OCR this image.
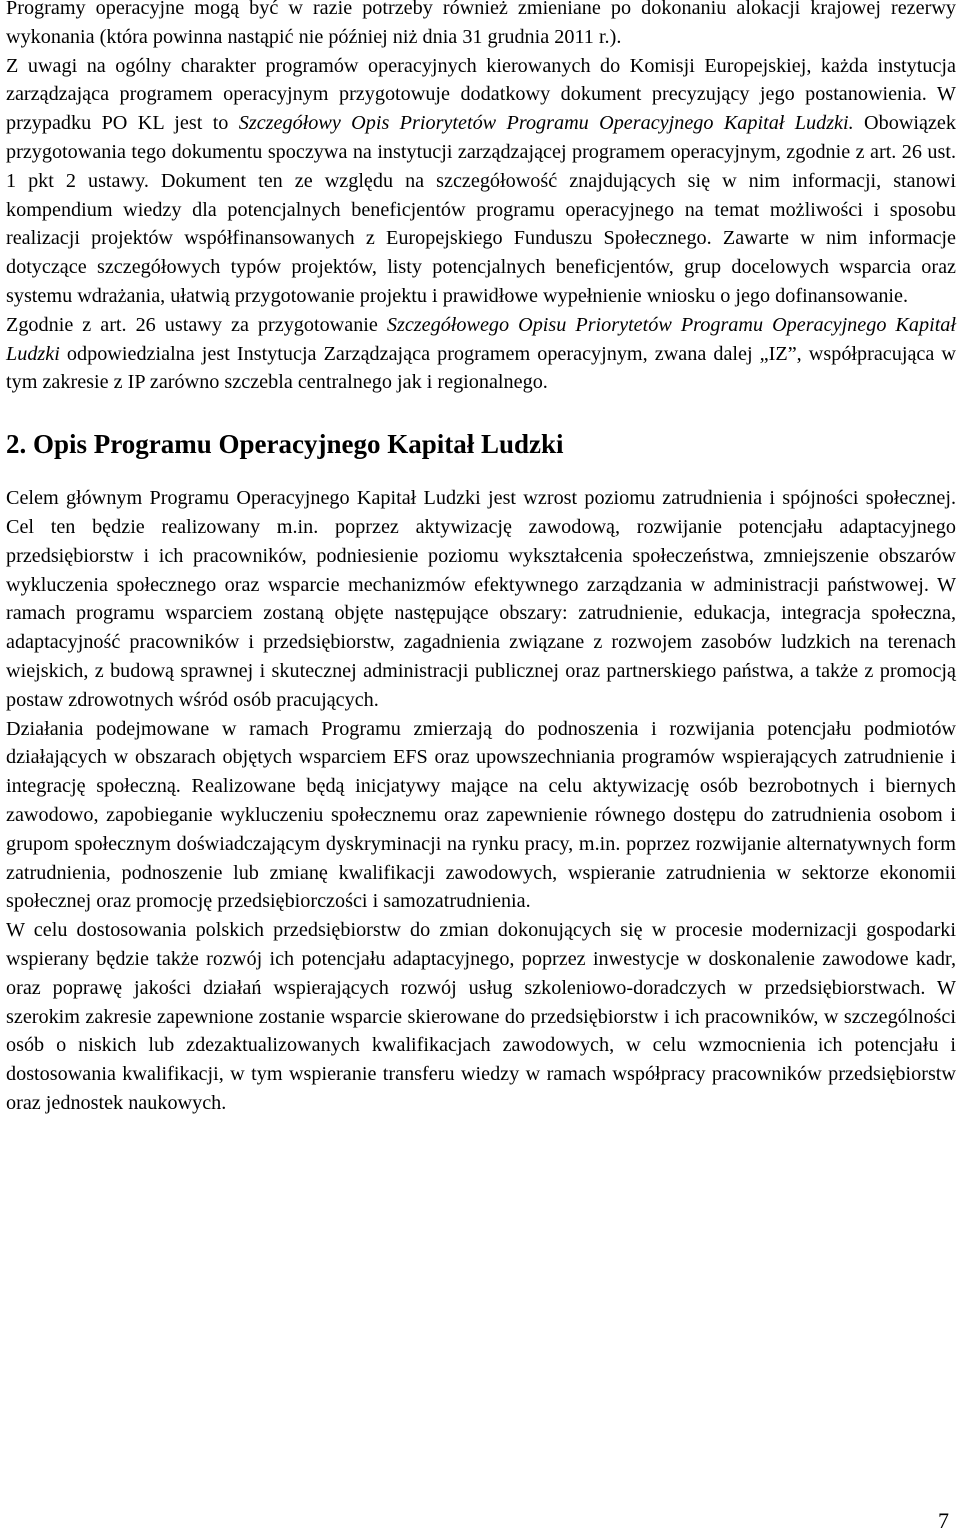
Programy operacyjne mogą być w razie potrzeby również zmieniane po dokonaniu alokacji krajowej rezerwy wykonania (która powinna nastąpić nie później niż dnia 31 grudnia 2011 r.).

Z uwagi na ogólny charakter programów operacyjnych kierowanych do Komisji Europejskiej, każda instytucja zarządzająca programem operacyjnym przygotowuje dodatkowy dokument precyzujący jego postanowienia. W przypadku PO KL jest to Szczegółowy Opis Priorytetów Programu Operacyjnego Kapitał Ludzki. Obowiązek przygotowania tego dokumentu spoczywa na instytucji zarządzającej programem operacyjnym, zgodnie z art. 26 ust. 1 pkt 2 ustawy. Dokument ten ze względu na szczegółowość znajdujących się w nim informacji, stanowi kompendium wiedzy dla potencjalnych beneficjentów programu operacyjnego na temat możliwości i sposobu realizacji projektów współfinansowanych z Europejskiego Funduszu Społecznego. Zawarte w nim informacje dotyczące szczegółowych typów projektów, listy potencjalnych beneficjentów, grup docelowych wsparcia oraz systemu wdrażania, ułatwią przygotowanie projektu i prawidłowe wypełnienie wniosku o jego dofinansowanie.

Zgodnie z art. 26 ustawy za przygotowanie Szczegółowego Opisu Priorytetów Programu Operacyjnego Kapitał Ludzki odpowiedzialna jest Instytucja Zarządzająca programem operacyjnym, zwana dalej „IZ”, współpracująca w tym zakresie z IP zarówno szczebla centralnego jak i regionalnego.

2. Opis Programu Operacyjnego Kapitał Ludzki

Celem głównym Programu Operacyjnego Kapitał Ludzki jest wzrost poziomu zatrudnienia i spójności społecznej. Cel ten będzie realizowany m.in. poprzez aktywizację zawodową, rozwijanie potencjału adaptacyjnego przedsiębiorstw i ich pracowników, podniesienie poziomu wykształcenia społeczeństwa, zmniejszenie obszarów wykluczenia społecznego oraz wsparcie mechanizmów efektywnego zarządzania w administracji państwowej. W ramach programu wsparciem zostaną objęte następujące obszary: zatrudnienie, edukacja, integracja społeczna, adaptacyjność pracowników i przedsiębiorstw, zagadnienia związane z rozwojem zasobów ludzkich na terenach wiejskich, z budową sprawnej i skutecznej administracji publicznej oraz partnerskiego państwa, a także z promocją postaw zdrowotnych wśród osób pracujących.

Działania podejmowane w ramach Programu zmierzają do podnoszenia i rozwijania potencjału podmiotów działających w obszarach objętych wsparciem EFS oraz upowszechniania programów wspierających zatrudnienie i integrację społeczną. Realizowane będą inicjatywy mające na celu aktywizację osób bezrobotnych i biernych zawodowo, zapobieganie wykluczeniu społecznemu oraz zapewnienie równego dostępu do zatrudnienia osobom i grupom społecznym doświadczającym dyskryminacji na rynku pracy, m.in. poprzez rozwijanie alternatywnych form zatrudnienia, podnoszenie lub zmianę kwalifikacji zawodowych, wspieranie zatrudnienia w sektorze ekonomii społecznej oraz promocję przedsiębiorczości i samozatrudnienia.

W celu dostosowania polskich przedsiębiorstw do zmian dokonujących się w procesie modernizacji gospodarki wspierany będzie także rozwój ich potencjału adaptacyjnego, poprzez inwestycje w doskonalenie zawodowe kadr, oraz poprawę jakości działań wspierających rozwój usług szkoleniowo-doradczych w przedsiębiorstwach. W szerokim zakresie zapewnione zostanie wsparcie skierowane do przedsiębiorstw i ich pracowników, w szczególności osób o niskich lub zdezaktualizowanych kwalifikacjach zawodowych, w celu wzmocnienia ich potencjału i dostosowania kwalifikacji, w tym wspieranie transferu wiedzy w ramach współpracy pracowników przedsiębiorstw oraz jednostek naukowych.

7
